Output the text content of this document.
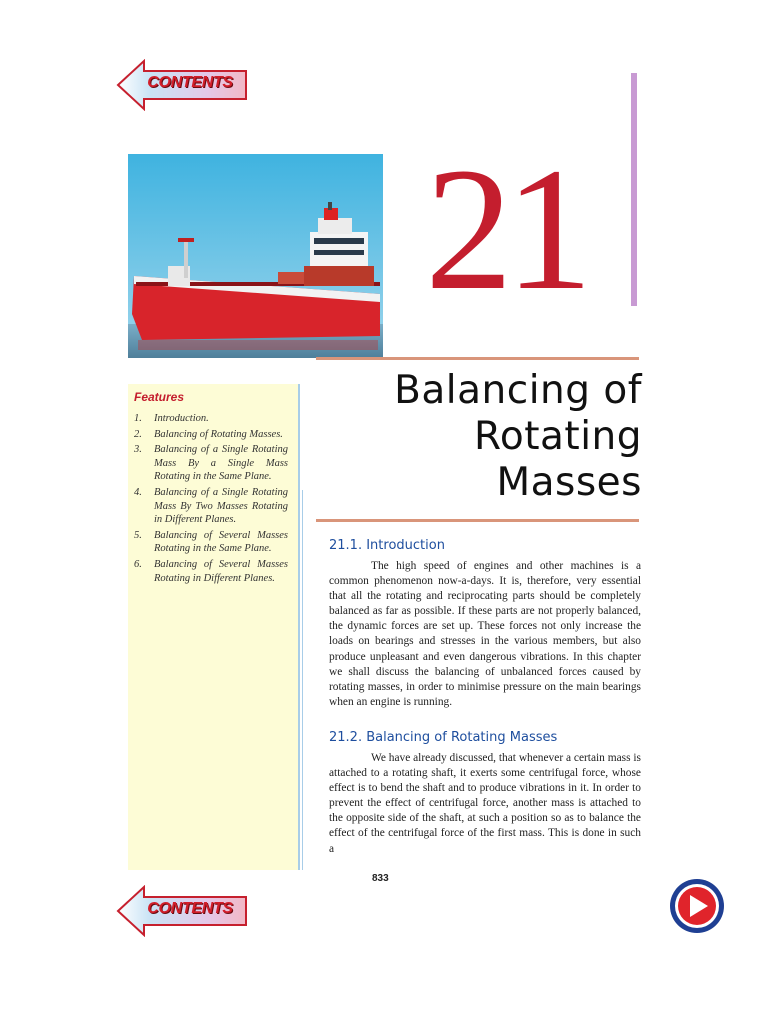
CONTENTS
21
Balancing of
Rotating
Masses
Features
1.	Introduction.
2.	Balancing of Rotating Masses.
3.	Balancing of a Single Rotating Mass By a Single Mass Rotating in the Same Plane.
4.	Balancing of a Single Rotating Mass By Two Masses Rotating in Different Planes.
5.	Balancing of Several Masses Rotating in the Same Plane.
6.	Balancing of Several Masses Rotating in Different Planes.
21.1. Introduction

The high speed of engines and other machines is a common phenomenon now-a-days. It is, therefore, very essential that all the rotating and reciprocating parts should be completely balanced as far as possible. If these parts are not properly balanced, the dynamic forces are set up. These forces not only increase the loads on bearings and stresses in the various members, but also produce unpleasant and even dangerous vibrations. In this chapter we shall discuss the balancing of unbalanced forces caused by rotating masses, in order to minimise pressure on the main bearings when an engine is running.

21.2. Balancing of Rotating Masses

We have already discussed, that whenever a certain mass is attached to a rotating shaft, it exerts some centrifugal force, whose effect is to bend the shaft and to produce vibrations in it. In order to prevent the effect of centrifugal force, another mass is attached to the opposite side of the shaft, at such a position so as to balance the effect of the centrifugal force of the first mass. This is done in such a

833
CONTENTS
